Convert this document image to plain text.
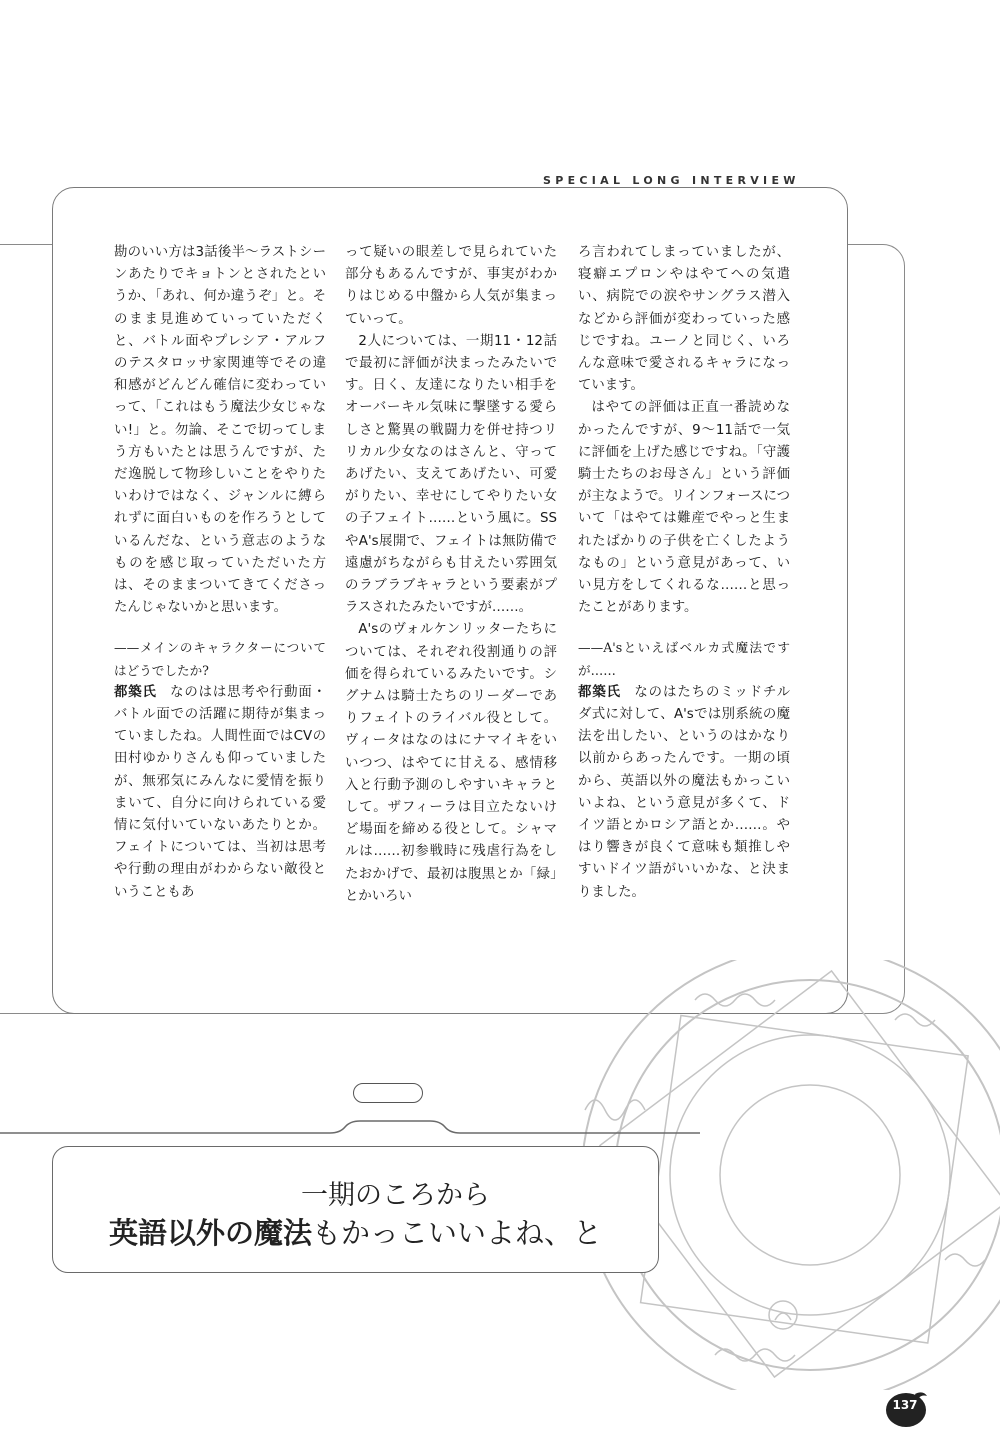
SPECIAL LONG INTERVIEW

勘のいい方は3話後半〜ラストシーンあたりでキョトンとされたというか、「あれ、何か違うぞ」と。そのまま見進めていっていただくと、バトル面やプレシア・アルフのテスタロッサ家関連等でその違和感がどんどん確信に変わっていって、「これはもう魔法少女じゃない!」と。勿論、そこで切ってしまう方もいたとは思うんですが、ただ逸脱して物珍しいことをやりたいわけではなく、ジャンルに縛られずに面白いものを作ろうとしているんだな、という意志のようなものを感じ取っていただいた方は、そのままついてきてくださったんじゃないかと思います。

——メインのキャラクターについてはどうでしたか?

都築氏 なのはは思考や行動面・バトル面での活躍に期待が集まっていましたね。人間性面ではCVの田村ゆかりさんも仰っていましたが、無邪気にみんなに愛情を振りまいて、自分に向けられている愛情に気付いていないあたりとか。フェイトについては、当初は思考や行動の理由がわからない敵役ということもあ

って疑いの眼差しで見られていた部分もあるんですが、事実がわかりはじめる中盤から人気が集まっていって。

2人については、一期11・12話で最初に評価が決まったみたいです。日く、友達になりたい相手をオーバーキル気味に撃墜する愛らしさと驚異の戦闘力を併せ持つリリカル少女なのはさんと、守ってあげたい、支えてあげたい、可愛がりたい、幸せにしてやりたい女の子フェイト……という風に。SSやA's展開で、フェイトは無防備で遠慮がちながらも甘えたい雰囲気のラブラブキャラという要素がプラスされたみたいですが……。

A'sのヴォルケンリッターたちについては、それぞれ役割通りの評価を得られているみたいです。シグナムは騎士たちのリーダーでありフェイトのライバル役として。ヴィータはなのはにナマイキをいいつつ、はやてに甘える、感情移入と行動予測のしやすいキャラとして。ザフィーラは目立たないけど場面を締める役として。シャマルは……初参戦時に残虐行為をしたおかげで、最初は腹黒とか「緑」とかいろい

ろ言われてしまっていましたが、寝癖エプロンやはやてへの気遣い、病院での涙やサングラス潜入などから評価が変わっていった感じですね。ユーノと同じく、いろんな意味で愛されるキャラになっています。

はやての評価は正直一番読めなかったんですが、9〜11話で一気に評価を上げた感じですね。「守護騎士たちのお母さん」という評価が主なようで。リインフォースについて「はやては難産でやっと生まれたばかりの子供を亡くしたようなもの」という意見があって、いい見方をしてくれるな……と思ったことがあります。

——A'sといえばベルカ式魔法ですが……

都築氏 なのはたちのミッドチルダ式に対して、A'sでは別系統の魔法を出したい、というのはかなり以前からあったんです。一期の頃から、英語以外の魔法もかっこいいよね、という意見が多くて、ドイツ語とかロシア語とか……。やはり響きが良くて意味も類推しやすいドイツ語がいいかな、と決まりました。

一期のころから
英語以外の魔法もかっこいいよね、と
137
